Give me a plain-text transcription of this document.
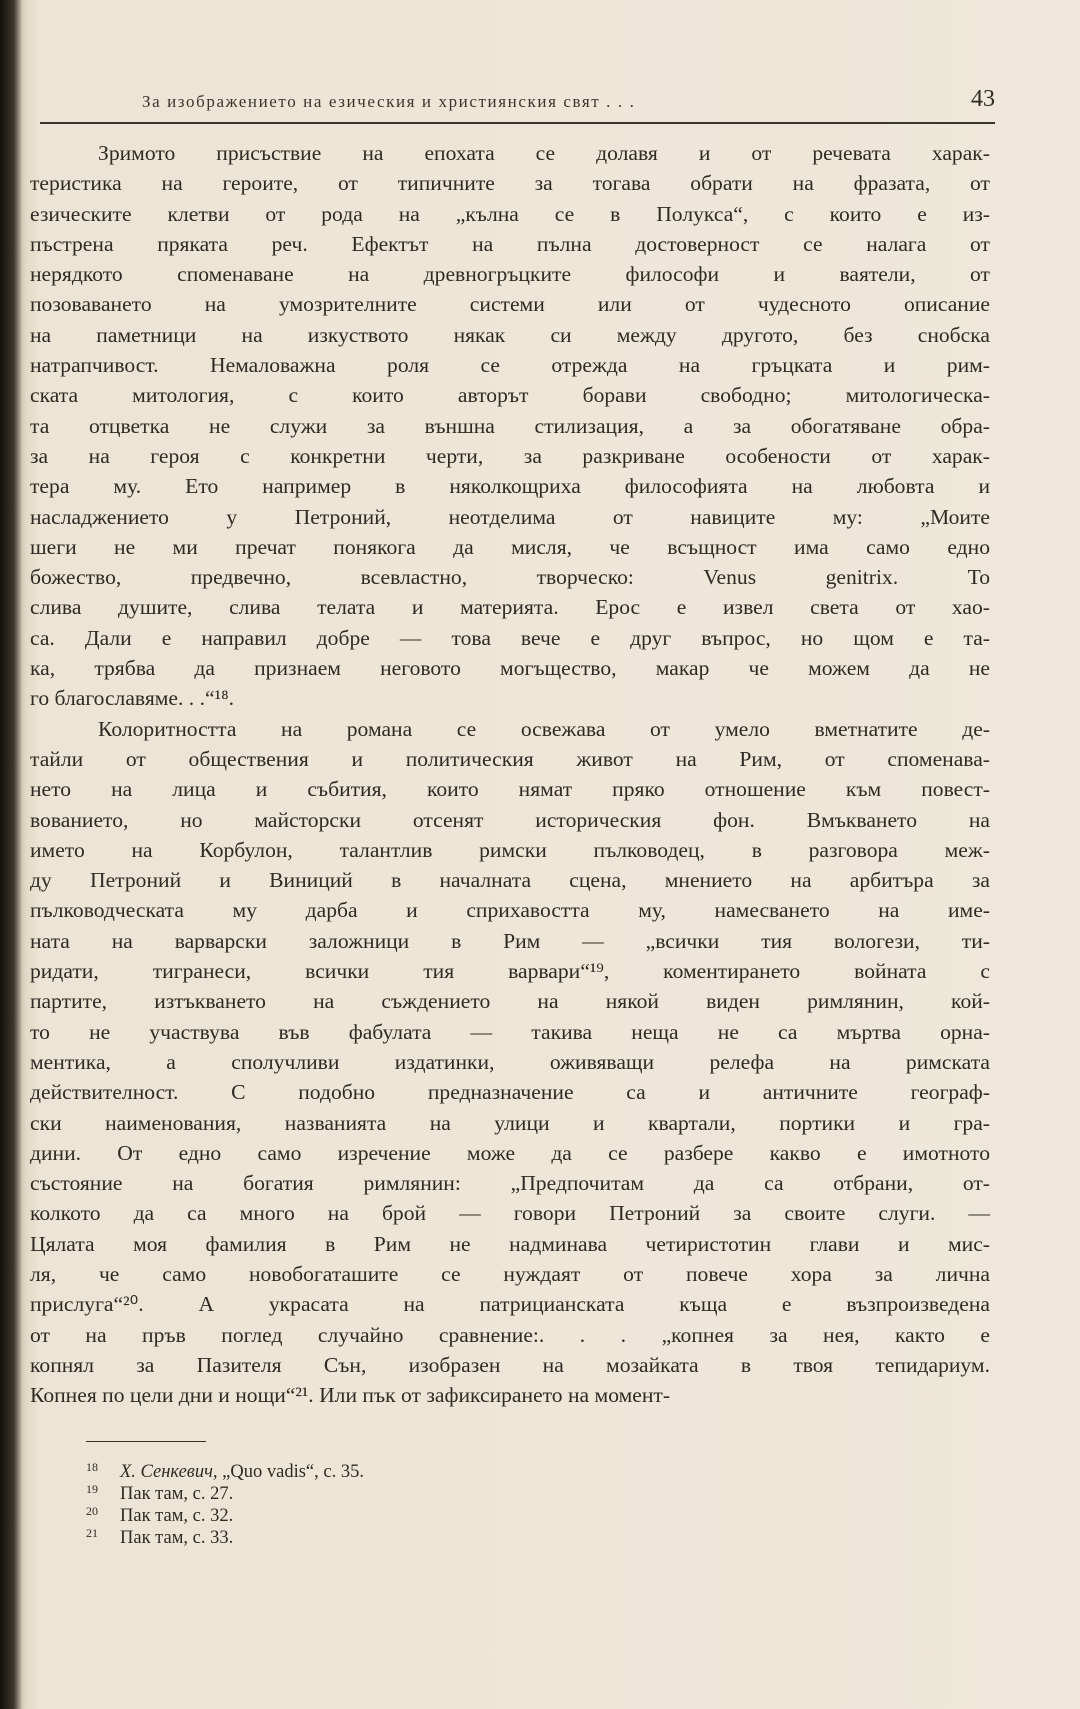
За изображението на езическия и християнския свят . . .	43
Зримото присъствие на епохата се долавя и от речевата харак-
теристика на героите, от типичните за тогава обрати на фразата, от
езическите клетви от рода на „кълна се в Полукса“, с които е из-
пъстрена пряката реч. Ефектът на пълна достоверност се налага от
нерядкото споменаване на древногръцките философи и ваятели, от
позоваването на умозрителните системи или от чудесното описание
на паметници на изкуството някак си между другото, без снобска
натрапчивост. Немаловажна роля се отрежда на гръцката и рим-
ската митология, с които авторът борави свободно; митологическа-
та отцветка не служи за външна стилизация, а за обогатяване обра-
за на героя с конкретни черти, за разкриване особености от харак-
тера му. Ето например в няколкощриха философията на любовта и
насладжението у Петроний, неотделима от навиците му: „Моите
шеги не ми пречат понякога да мисля, че всъщност има само едно
божество, предвечно, всевластно, творческо: Venus genitrix. То
слива душите, слива телата и материята. Ерос е извел света от хао-
са. Дали е направил добре — това вече е друг въпрос, но щом е та-
ка, трябва да признаем неговото могъщество, макар че можем да не
го благославяме. . .“¹⁸.
Колоритността на романа се освежава от умело вметнатите де-
тайли от обществения и политическия живот на Рим, от споменава-
нето на лица и събития, които нямат пряко отношение към повест-
вованието, но майсторски отсенят историческия фон. Вмъкването на
името на Корбулон, талантлив римски пълководец, в разговора меж-
ду Петроний и Виниций в началната сцена, мнението на арбитъра за
пълководческата му дарба и сприхавостта му, намесването на име-
ната на варварски заложници в Рим — „всички тия вологези, ти-
ридати, тигранеси, всички тия варвари“¹⁹, коментирането войната с
партите, изтъкването на съждението на някой виден римлянин, кой-
то не участвува във фабулата — такива неща не са мъртва орна-
ментика, а сполучливи издатинки, оживяващи релефа на римската
действителност. С подобно предназначение са и античните географ-
ски наименования, названията на улици и квартали, портики и гра-
дини. От едно само изречение може да се разбере какво е имотното
състояние на богатия римлянин: „Предпочитам да са отбрани, от-
колкото да са много на брой — говори Петроний за своите слуги. —
Цялата моя фамилия в Рим не надминава четиристотин глави и мис-
ля, че само новобогаташите се нуждаят от повече хора за лична
прислуга“²⁰. А украсата на патрицианската къща е възпроизведена
от на пръв поглед случайно сравнение:. . . „копнея за нея, както е
копнял за Пазителя Сън, изобразен на мозайката в твоя тепидариум.
Копнея по цели дни и нощи“²¹. Или пък от зафиксирането на момент-
18 Х. Сенкевич, „Quo vadis“, с. 35.
19 Пак там, с. 27.
20 Пак там, с. 32.
21 Пак там, с. 33.
